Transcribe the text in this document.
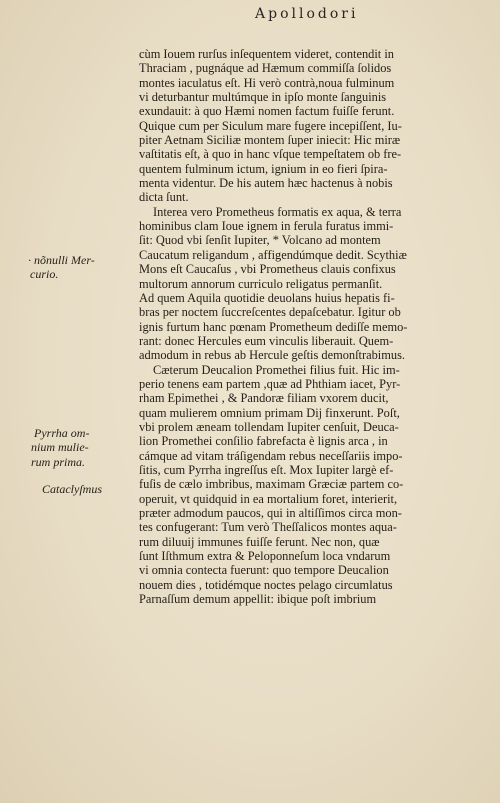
Apollodori
cùm Iouem rurſus inſequentem videret, contendit in
Thraciam , pugnáque ad Hæmum commiſſa ſolidos
montes iaculatus eſt. Hi verò contrà,noua fulminum
vi deturbantur multúmque in ipſo monte ſanguinis
exundauit: à quo Hæmi nomen factum fuiſſe ferunt.
Quique cum per Siculum mare fugere incepiſſent, Iu-
piter Aetnam Siciliæ montem ſuper iniecit: Hic miræ
vaſtitatis eſt, à quo in hanc vſque tempeſtatem ob fre-
quentem fulminum ictum, ignium in eo fieri ſpira-
menta videntur. De his autem hæc hactenus à nobis
dicta ſunt.
Interea vero Prometheus formatis ex aqua, & terra
hominibus clam Ioue ignem in ferula furatus immi-
ſit: Quod vbi ſenſit Iupiter, * Volcano ad montem
Caucatum religandum , affigendúmque dedit. Scythiæ
Mons eſt Caucaſus , vbi Prometheus clauis confixus
multorum annorum curriculo religatus permanſit.
Ad quem Aquila quotidie deuolans huius hepatis fi-
bras per noctem ſuccreſcentes depaſcebatur. Igitur ob
ignis furtum hanc pœnam Prometheum dediſſe memo-
rant: donec Hercules eum vinculis liberauit. Quem-
admodum in rebus ab Hercule geſtis demonſtrabimus.
Cæterum Deucalion Promethei filius fuit. Hic im-
perio tenens eam partem ,quæ ad Phthiam iacet, Pyr-
rham Epimethei , & Pandoræ filiam vxorem ducit,
quam mulierem omnium primam Dij finxerunt. Poſt,
vbi prolem æneam tollendam Iupiter cenſuit, Deuca-
lion Promethei conſilio fabrefacta è lignis arca , in
cámque ad vitam tráſigendam rebus neceſſariis impo-
ſitis, cum Pyrrha ingreſſus eſt. Mox Iupiter largè ef-
fuſis de cælo imbribus, maximam Græciæ partem co-
operuit, vt quidquid in ea mortalium foret, interierit,
præter admodum paucos, qui in altiſſimos circa mon-
tes confugerant: Tum verò Theſſalicos montes aqua-
rum diluuij immunes fuiſſe ferunt. Nec non, quæ
ſunt Iſthmum extra & Peloponneſum loca vndarum
vi omnia contecta fuerunt: quo tempore Deucalion
nouem dies , totidémque noctes pelago circumlatus
Parnaſſum demum appellit: ibique poſt imbrium
· nõnulli Mer-
curio.
Pyrrha om-
nium mulie-
rum prima.
Cataclyſmus
